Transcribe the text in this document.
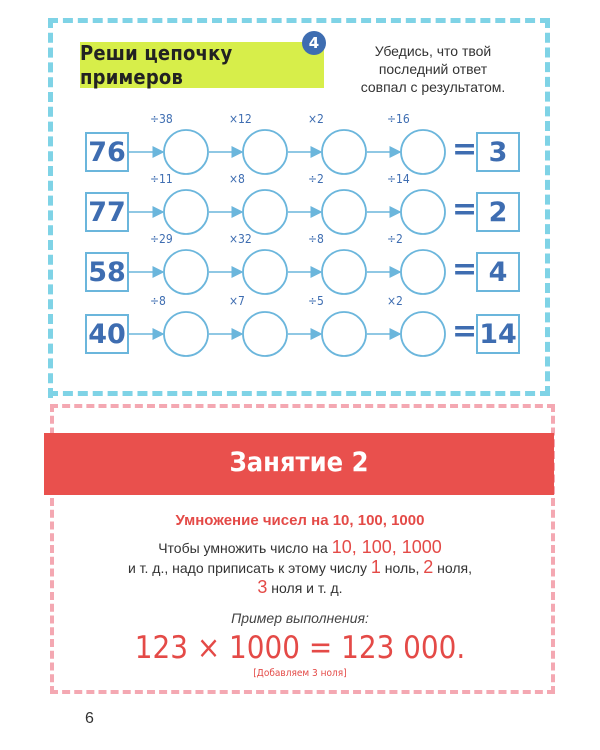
Реши цепочку примеров
4	Убедись, что твой
последний ответ
совпал с результатом.
76	3
=
÷38	×12	×2	÷16
77	2
=
÷11	×8	÷2	÷14
58	4
=
÷29	×32	÷8	÷2
40	14
=
÷8	×7	÷5	×2
Занятие 2
Умножение чисел на 10, 100, 1000
Чтобы умножить число на 10, 100, 1000
и т. д., надо приписать к этому числу 1 ноль, 2 ноля,
3 ноля и т. д.
Пример выполнения:
123 × 1000 = 123 000.
[Добавляем 3 ноля]
6
